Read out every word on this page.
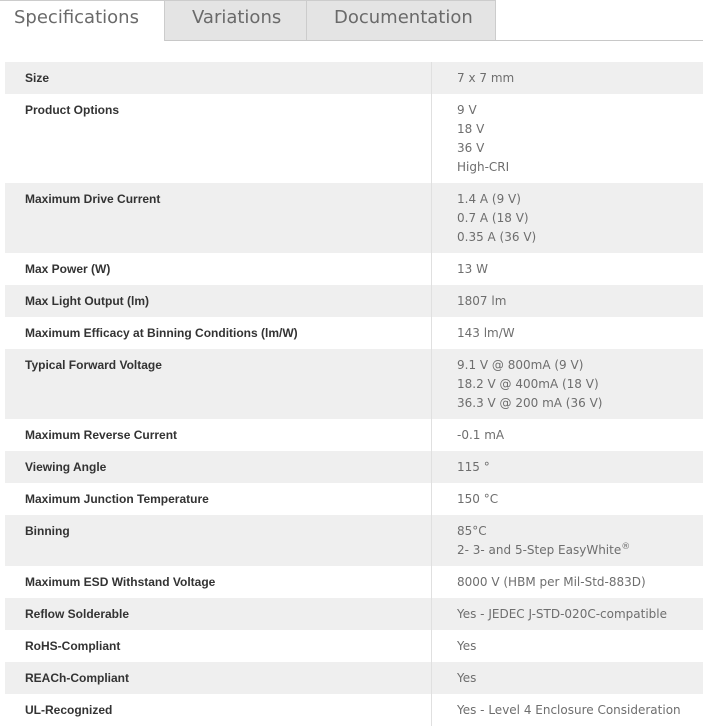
Specifications	Variations	Documentation
Size	7 x 7 mm

Product Options	9 V
18 V
36 V
High-CRI

Maximum Drive Current	1.4 A (9 V)
0.7 A (18 V)
0.35 A (36 V)

Max Power (W)	13 W

Max Light Output (lm)	1807 lm

Maximum Efficacy at Binning Conditions (lm/W)	143 lm/W

Typical Forward Voltage	9.1 V @ 800mA (9 V)
18.2 V @ 400mA (18 V)
36.3 V @ 200 mA (36 V)

Maximum Reverse Current	-0.1 mA

Viewing Angle	115 °

Maximum Junction Temperature	150 °C

Binning	85°C
2- 3- and 5-Step EasyWhite®

Maximum ESD Withstand Voltage	8000 V (HBM per Mil-Std-883D)

Reflow Solderable	Yes - JEDEC J-STD-020C-compatible

RoHS-Compliant	Yes

REACh-Compliant	Yes

UL-Recognized	Yes - Level 4 Enclosure Consideration
